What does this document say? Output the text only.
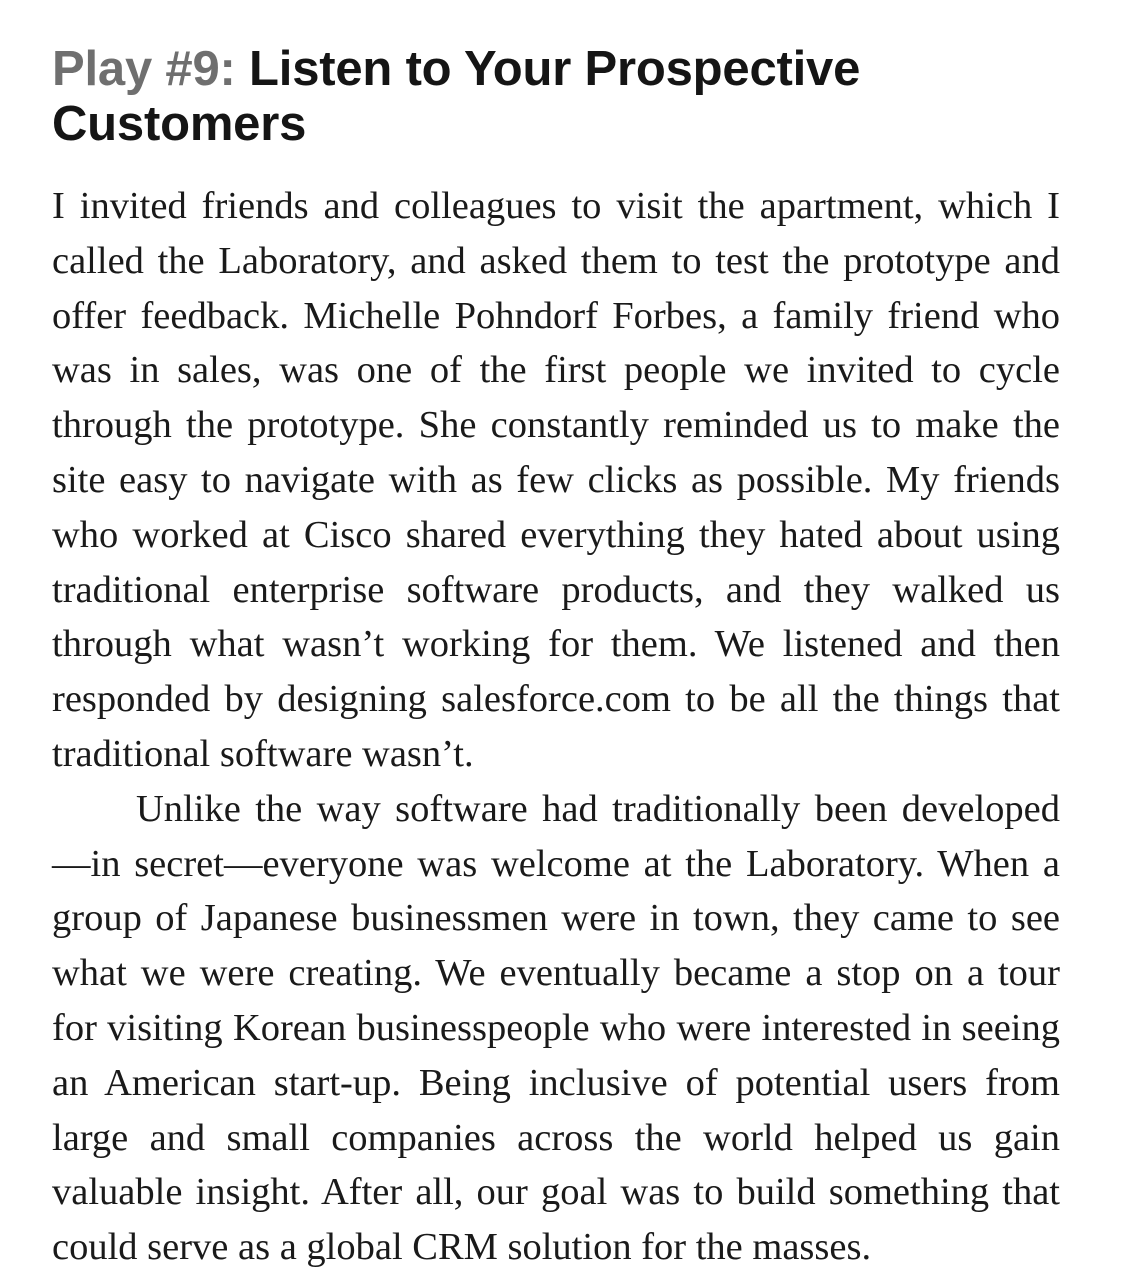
Play #9: Listen to Your Prospective Customers

I invited friends and colleagues to visit the apartment, which I called the Laboratory, and asked them to test the prototype and offer feedback. Michelle Pohndorf Forbes, a family friend who was in sales, was one of the first people we invited to cycle through the prototype. She constantly reminded us to make the site easy to navigate with as few clicks as possible. My friends who worked at Cisco shared everything they hated about using traditional enterprise software products, and they walked us through what wasn’t working for them. We listened and then responded by designing salesforce.com to be all the things that traditional software wasn’t.

Unlike the way software had traditionally been developed—in secret—everyone was welcome at the Laboratory. When a group of Japanese businessmen were in town, they came to see what we were creating. We eventually became a stop on a tour for visiting Korean businesspeople who were interested in seeing an American start-up. Being inclusive of potential users from large and small companies across the world helped us gain valuable insight. After all, our goal was to build something that could serve as a global CRM solution for the masses.
